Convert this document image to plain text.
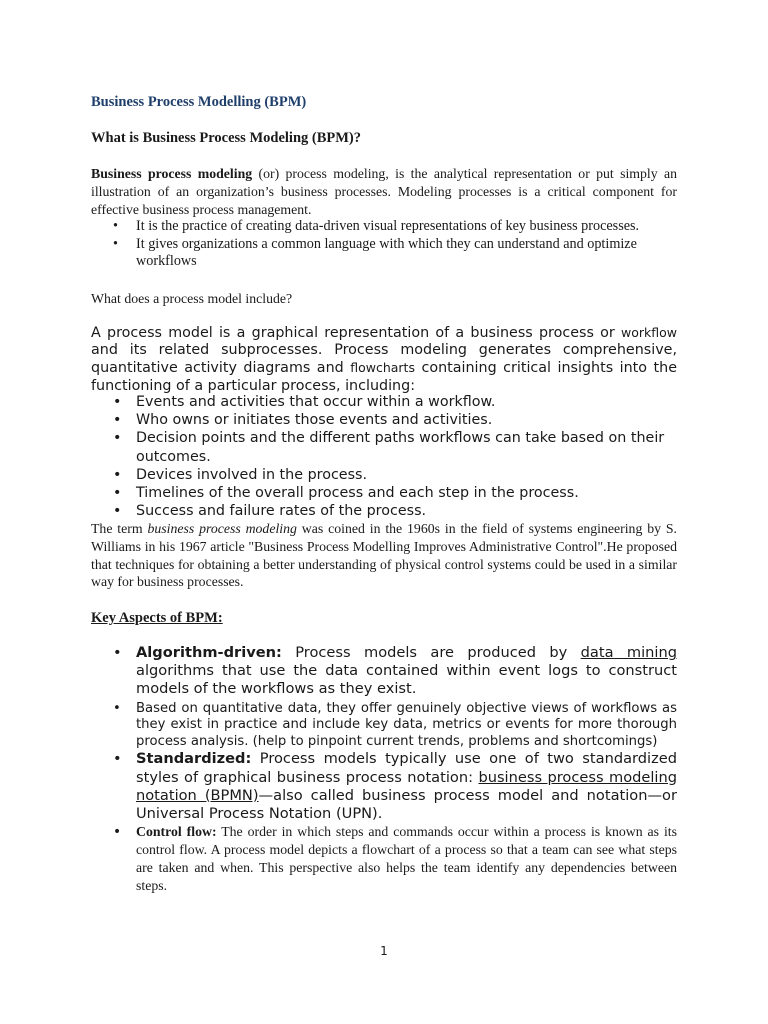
Business Process Modelling (BPM)
What is Business Process Modeling (BPM)?

Business process modeling (or) process modeling, is the analytical representation or put simply an illustration of an organization’s business processes. Modeling processes is a critical component for effective business process management.

• It is the practice of creating data-driven visual representations of key business processes.
• It gives organizations a common language with which they can understand and optimize workflows
What does a process model include?

A process model is a graphical representation of a business process or workflow and its related subprocesses. Process modeling generates comprehensive, quantitative activity diagrams and flowcharts containing critical insights into the functioning of a particular process, including:

• Events and activities that occur within a workflow.
• Who owns or initiates those events and activities.
• Decision points and the different paths workflows can take based on their outcomes.
• Devices involved in the process.
• Timelines of the overall process and each step in the process.
• Success and failure rates of the process.

The term business process modeling was coined in the 1960s in the field of systems engineering by S. Williams in his 1967 article "Business Process Modelling Improves Administrative Control".He proposed that techniques for obtaining a better understanding of physical control systems could be used in a similar way for business processes.

Key Aspects of BPM:
• Algorithm-driven: Process models are produced by data mining algorithms that use the data contained within event logs to construct models of the workflows as they exist.
• Based on quantitative data, they offer genuinely objective views of workflows as they exist in practice and include key data, metrics or events for more thorough process analysis. (help to pinpoint current trends, problems and shortcomings)
• Standardized: Process models typically use one of two standardized styles of graphical business process notation: business process modeling notation (BPMN)—also called business process model and notation—or Universal Process Notation (UPN).
• Control flow: The order in which steps and commands occur within a process is known as its control flow. A process model depicts a flowchart of a process so that a team can see what steps are taken and when. This perspective also helps the team identify any dependencies between steps.
1
